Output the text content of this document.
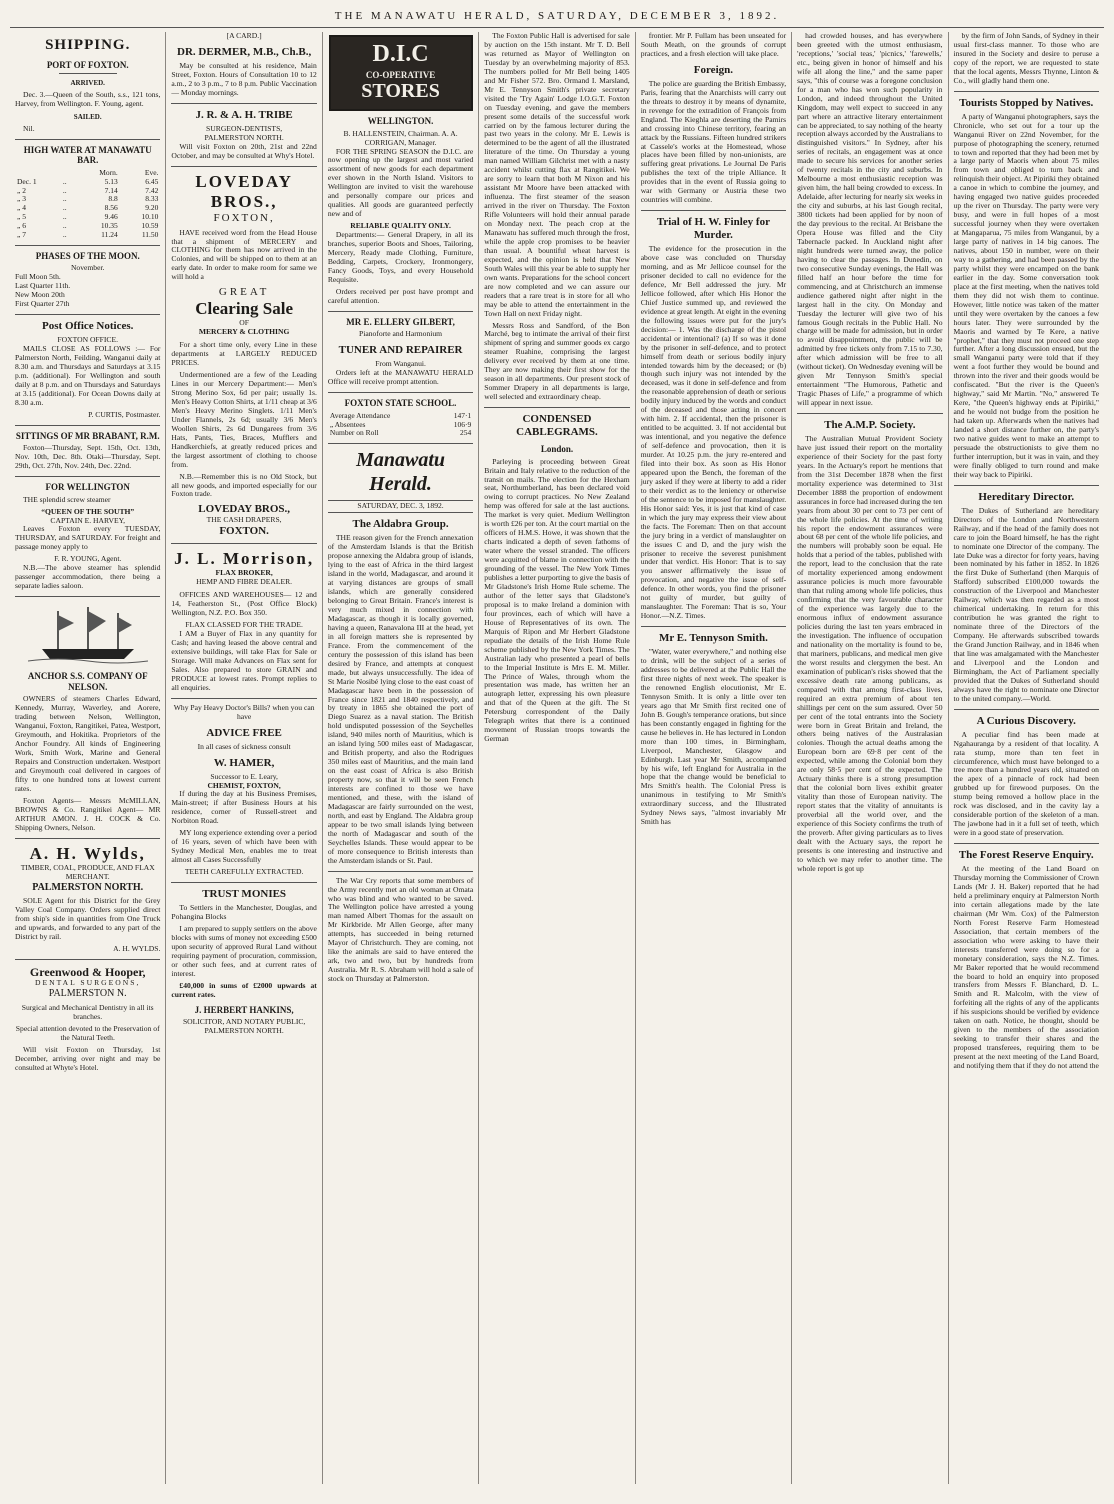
THE MANAWATU HERALD, SATURDAY, DECEMBER 3, 1892.
SHIPPING.
PORT OF FOXTON.
ARRIVED.

Dec. 3.—Queen of the South, s.s., 121 tons, Harvey, from Wellington. F. Young, agent.

SAILED.

Nil.

HIGH WATER AT MANAWATU BAR.
		Morn.	Eve.
Dec. 1	..	5.13	6.45
„ 2	..	7.14	7.42
„ 3	..	8.8	8.33
„ 4	..	8.56	9.20
„ 5	..	9.46	10.10
„ 6	..	10.35	10.59
„ 7	..	11.24	11.50
PHASES OF THE MOON.
November.
Full Moon 5th.
Last Quarter 11th.
New Moon 20th
First Quarter 27th
Post Office Notices.
FOXTON OFFICE.

MAILS CLOSE AS FOLLOWS :— For Palmerston North, Feilding, Wanganui daily at 8.30 a.m. and Thursdays and Saturdays at 3.15 p.m. (additional). For Wellington and south daily at 8 p.m. and on Thursdays and Saturdays at 3.15 (additional). For Ocean Downs daily at 8.30 a.m.

P. CURTIS, Postmaster.
SITTINGS OF MR BRABANT, R.M.

Foxton—Thursday, Sept. 15th, Oct. 13th, Nov. 10th, Dec. 8th. Otaki—Thursday, Sept. 29th, Oct. 27th, Nov. 24th, Dec. 22nd.

FOR WELLINGTON

THE splendid screw steamer

“QUEEN OF THE SOUTH”
CAPTAIN E. HARVEY,

Leaves Foxton every TUESDAY, THURSDAY, and SATURDAY. For freight and passage money apply to

F. R. YOUNG, Agent.

N.B.—The above steamer has splendid passenger accommodation, there being a separate ladies saloon.

ANCHOR S.S. COMPANY OF NELSON.

OWNERS of steamers Charles Edward, Kennedy, Murray, Waverley, and Aorere, trading between Nelson, Wellington, Wanganui, Foxton, Rangitikei, Patea, Westport, Greymouth, and Hokitika. Proprietors of the Anchor Foundry. All kinds of Engineering Work, Smith Work, Marine and General Repairs and Construction undertaken. Westport and Greymouth coal delivered in cargoes of fifty to one hundred tons at lowest current rates.

Foxton Agents— Messrs McMILLAN, BROWNS & Co. Rangitikei Agent— MR ARTHUR AMON. J. H. COCK & Co. Shipping Owners, Nelson.

A. H. Wylds,
TIMBER, COAL, PRODUCE, AND FLAX MERCHANT.
PALMERSTON NORTH.

SOLE Agent for this District for the Grey Valley Coal Company. Orders supplied direct from ship's side in quantities from One Truck and upwards, and forwarded to any part of the District by rail.

A. H. WYLDS.
Greenwood & Hooper,
DENTAL SURGEONS,
PALMERSTON N.

Surgical and Mechanical Dentistry in all its branches.

Special attention devoted to the Preservation of the Natural Teeth.

Will visit Foxton on Thursday, 1st December, arriving over night and may be consulted at Whyte's Hotel.

[A CARD.]
DR. DERMER, M.B., Ch.B.,

May be consulted at his residence, Main Street, Foxton. Hours of Consultation 10 to 12 a.m., 2 to 3 p.m., 7 to 8 p.m. Public Vaccination — Monday mornings.

J. R. & A. H. TRIBE
SURGEON-DENTISTS,
PALMERSTON NORTH.

Will visit Foxton on 20th, 21st and 22nd October, and may be consulted at Why's Hotel.

LOVEDAY BROS.,
FOXTON,

HAVE received word from the Head House that a shipment of MERCERY and CLOTHING for them has now arrived in the Colonies, and will be shipped on to them at an early date. In order to make room for same we will hold a

GREAT
Clearing Sale
OF
MERCERY & CLOTHING

For a short time only, every Line in these departments at LARGELY REDUCED PRICES.

Undermentioned are a few of the Leading Lines in our Mercery Department:— Men's Strong Merino Sox, 6d per pair; usually 1s. Men's Heavy Cotton Shirts, at 1/11 cheap at 3/6 Men's Heavy Merino Singlets. 1/11 Men's Under Flannels, 2s 6d; usually 3/6 Men's Woollen Shirts, 2s 6d Dungarees from 3/6 Hats, Pants, Ties, Braces, Mufflers and Handkerchiefs, at greatly reduced prices and the largest assortment of clothing to choose from.

N.B.—Remember this is no Old Stock, but all new goods, and imported especially for our Foxton trade.

LOVEDAY BROS.,
THE CASH DRAPERS,
FOXTON.
J. L. Morrison,
FLAX BROKER,
HEMP AND FIBRE DEALER.

OFFICES AND WAREHOUSES— 12 and 14, Featherston St., (Post Office Block) Wellington, N.Z. P.O. Box 350.

FLAX CLASSED FOR THE TRADE.

I AM a Buyer of Flax in any quantity for Cash; and having leased the above central and extensive buildings, will take Flax for Sale or Storage. Will make Advances on Flax sent for Sales. Also prepared to store GRAIN and PRODUCE at lowest rates. Prompt replies to all enquiries.

Why Pay Heavy Doctor's Bills? when you can have
ADVICE FREE
In all cases of sickness consult
W. HAMER,
Successor to E. Leary,
CHEMIST, FOXTON,

If during the day at his Business Premises, Main-street; if after Business Hours at his residence, corner of Russell-street and Norbiton Road.

MY long experience extending over a period of 16 years, seven of which have been with Sydney Medical Men, enables me to treat almost all Cases Successfully

TEETH CAREFULLY EXTRACTED.
TRUST MONIES

To Settlers in the Manchester, Douglas, and Pohangina Blocks

I am prepared to supply settlers on the above blocks with sums of money not exceeding £500 upon security of approved Rural Land without requiring payment of procuration, commission, or other such fees, and at current rates of interest.

£40,000 in sums of £2000 upwards at current rates.

J. HERBERT HANKINS,
SOLICITOR, AND NOTARY PUBLIC,
PALMERSTON NORTH.
D.I.C
CO-OPERATIVE
STORES
WELLINGTON.
B. HALLENSTEIN, Chairman. A. A. CORRIGAN, Manager.

FOR THE SPRING SEASON the D.I.C. are now opening up the largest and most varied assortment of new goods for each department ever shown in the North Island. Visitors to Wellington are invited to visit the warehouse and personally compare our prices and qualities. All goods are guaranteed perfectly new and of

RELIABLE QUALITY ONLY.

Departments:— General Drapery, in all its branches, superior Boots and Shoes, Tailoring, Mercery, Ready made Clothing, Furniture, Bedding, Carpets, Crockery, Ironmongery, Fancy Goods, Toys, and every Household Requisite.

Orders received per post have prompt and careful attention.

MR E. ELLERY GILBERT,
Pianoforte and Harmonium
TUNER AND REPAIRER
From Wanganui.

Orders left at the MANAWATU HERALD Office will receive prompt attention.

FOXTON STATE SCHOOL.
Average Attendance	147·1
„ Absentees	106·9
Number on Roll	254
Manawatu Herald.
SATURDAY, DEC. 3, 1892.
The Aldabra Group.

THE reason given for the French annexation of the Amsterdam Islands is that the British propose annexing the Aldabra group of islands, lying to the east of Africa in the third largest island in the world, Madagascar, and around it at varying distances are groups of small islands, which are generally considered belonging to Great Britain. France's interest is very much mixed in connection with Madagascar, as though it is locally governed, having a queen, Ranavalona III at the head, yet in all foreign matters she is represented by France. From the commencement of the century the possession of this island has been desired by France, and attempts at conquest made, but always unsuccessfully. The idea of St Marie Nosibé lying close to the east coast of Madagascar have been in the possession of France since 1821 and 1840 respectively, and by treaty in 1865 she obtained the port of Diego Suarez as a naval station. The British hold undisputed possession of the Seychelles island, 940 miles north of Mauritius, which is an island lying 500 miles east of Madagascar, and British property, and also the Rodrigues 350 miles east of Mauritius, and the main land on the east coast of Africa is also British property now, so that it will be seen French interests are confined to those we have mentioned, and these, with the island of Madagascar are fairly surrounded on the west, north, and east by England. The Aldabra group appear to be two small islands lying between the north of Madagascar and south of the Seychelles Islands. These would appear to be of more consequence to British interests than the Amsterdam islands or St. Paul.

The War Cry reports that some members of the Army recently met an old woman at Omata who was blind and who wanted to be saved. The Wellington police have arrested a young man named Albert Thomas for the assault on Mr Kirkbride. Mr Allen George, after many attempts, has succeeded in being returned Mayor of Christchurch. They are coming, not like the animals are said to have entered the ark, two and two, but by hundreds from Australia. Mr R. S. Abraham will hold a sale of stock on Thursday at Palmerston.

The Foxton Public Hall is advertised for sale by auction on the 15th instant. Mr T. D. Bell was returned as Mayor of Wellington on Tuesday by an overwhelming majority of 853. The numbers polled for Mr Bell being 1405 and Mr Fisher 572. Bro. Ormand I. Marsland, Mr E. Tennyson Smith's private secretary visited the 'Try Again' Lodge I.O.G.T. Foxton on Tuesday evening, and gave the members present some details of the successful work carried on by the famous lecturer during the past two years in the colony. Mr E. Lewis is determined to be the agent of all the illustrated literature of the time. On Thursday a young man named William Gilchrist met with a nasty accident whilst cutting flax at Rangitikei. We are sorry to learn that both M Nixon and his assistant Mr Moore have been attacked with influenza. The first steamer of the season arrived in the river on Thursday. The Foxton Rifle Volunteers will hold their annual parade on Monday next. The peach crop at the Manawatu has suffered much through the frost, while the apple crop promises to be heavier than usual. A bountiful wheat harvest is expected, and the opinion is held that New South Wales will this year be able to supply her own wants. Preparations for the school concert are now completed and we can assure our readers that a rare treat is in store for all who may be able to attend the entertainment in the Town Hall on next Friday night.

Messrs Ross and Sandford, of the Bon Marché, beg to intimate the arrival of their first shipment of spring and summer goods ex cargo steamer Ruahine, comprising the largest delivery ever received by them at one time. They are now making their first show for the season in all departments. Our present stock of Sommer Drapery in all departments is large, well selected and extraordinary cheap.

CONDENSED CABLEGRAMS.
London.

Parleying is proceeding between Great Britain and Italy relative to the reduction of the transit on mails. The election for the Hexham seat, Northumberland, has been declared void owing to corrupt practices. No New Zealand hemp was offered for sale at the last auctions. The market is very quiet. Medium Wellington is worth £26 per ton. At the court martial on the officers of H.M.S. Howe, it was shown that the charts indicated a depth of seven fathoms of water where the vessel stranded. The officers were acquitted of blame in connection with the grounding of the vessel. The New York Times publishes a letter purporting to give the basis of Mr Gladstone's Irish Home Rule scheme. The author of the letter says that Gladstone's proposal is to make Ireland a dominion with four provinces, each of which will have a House of Representatives of its own. The Marquis of Ripon and Mr Herbert Gladstone repudiate the details of the Irish Home Rule scheme published by the New York Times. The Australian lady who presented a pearl of bells to the Imperial Institute is Mrs E. M. Miller. The Prince of Wales, through whom the presentation was made, has written her an autograph letter, expressing his own pleasure and that of the Queen at the gift. The St Petersburg correspondent of the Daily Telegraph writes that there is a continued movement of Russian troops towards the German

frontier. Mr P. Fullam has been unseated for South Meath, on the grounds of corrupt practices, and a fresh election will take place.

Foreign.

The police are guarding the British Embassy, Paris, fearing that the Anarchists will carry out the threats to destroy it by means of dynamite, in revenge for the extradition of François from England. The Kieghla are deserting the Pamirs and crossing into Chinese territory, fearing an attack by the Russians. Fifteen hundred strikers at Cassele's works at the Homestead, whose places have been filled by non-unionists, are suffering great privations. Le Journal De Paris publishes the text of the triple Alliance. It provides that in the event of Russia going to war with Germany or Austria these two countries will combine.

Trial of H. W. Finley for Murder.

The evidence for the prosecution in the above case was concluded on Thursday morning, and as Mr Jellicoe counsel for the prisoner decided to call no evidence for the defence, Mr Bell addressed the jury. Mr Jellicoe followed, after which His Honor the Chief Justice summed up, and reviewed the evidence at great length. At eight in the evening the following issues were put for the jury's decision:— 1. Was the discharge of the pistol accidental or intentional? (a) If so was it done by the prisoner in self-defence, and to protect himself from death or serious bodily injury intended towards him by the deceased; or (b) though such injury was not intended by the deceased, was it done in self-defence and from the reasonable apprehension of death or serious bodily injury induced by the words and conduct of the deceased and those acting in concert with him. 2. If accidental, then the prisoner is entitled to be acquitted. 3. If not accidental but was intentional, and you negative the defence of self-defence and provocation, then it is murder. At 10.25 p.m. the jury re-entered and filed into their box. As soon as His Honor appeared upon the Bench, the foreman of the jury asked if they were at liberty to add a rider to their verdict as to the leniency or otherwise of the sentence to be imposed for manslaughter. His Honor said: Yes, it is just that kind of case in which the jury may express their view about the facts. The Foreman: Then on that account the jury bring in a verdict of manslaughter on the issues C and D, and the jury wish the prisoner to receive the severest punishment under that verdict. His Honor: That is to say you answer affirmatively the issue of provocation, and negative the issue of self-defence. In other words, you find the prisoner not guilty of murder, but guilty of manslaughter. The Foreman: That is so, Your Honor.—N.Z. Times.

Mr E. Tennyson Smith.

"Water, water everywhere," and nothing else to drink, will be the subject of a series of addresses to be delivered at the Public Hall the first three nights of next week. The speaker is the renowned English elocutionist, Mr E. Tennyson Smith. It is only a little over ten years ago that Mr Smith first recited one of John B. Gough's temperance orations, but since has been constantly engaged in fighting for the cause he believes in. He has lectured in London more than 100 times, in Birmingham, Liverpool, Manchester, Glasgow and Edinburgh. Last year Mr Smith, accompanied by his wife, left England for Australia in the hope that the change would be beneficial to Mrs Smith's health. The Colonial Press is unanimous in testifying to Mr Smith's extraordinary success, and the Illustrated Sydney News says, "almost invariably Mr Smith has

had crowded houses, and has everywhere been greeted with the utmost enthusiasm, 'receptions,' 'social teas,' 'picnics,' 'farewells,' etc., being given in honor of himself and his wife all along the line," and the same paper says, "this of course was a foregone conclusion for a man who has won such popularity in London, and indeed throughout the United Kingdom, may well expect to succeed in any part where an attractive literary entertainment can be appreciated, to say nothing of the hearty reception always accorded by the Australians to distinguished visitors." In Sydney, after his series of recitals, an engagement was at once made to secure his services for another series of twenty recitals in the city and suburbs. In Melbourne a most enthusiastic reception was given him, the hall being crowded to excess. In Adelaide, after lecturing for nearly six weeks in the city and suburbs, at his last Gough recital, 3800 tickets had been applied for by noon of the day previous to the recital. At Brisbane the Opera House was filled and the City Tabernacle packed. In Auckland night after night hundreds were turned away, the police having to clear the passages. In Dunedin, on two consecutive Sunday evenings, the Hall was filled half an hour before the time for commencing, and at Christchurch an immense audience gathered night after night in the largest hall in the city. On Monday and Tuesday the lecturer will give two of his famous Gough recitals in the Public Hall. No charge will be made for admission, but in order to avoid disappointment, the public will be admitted by free tickets only from 7.15 to 7.30, after which admission will be free to all (without ticket). On Wednesday evening will be given Mr Tennyson Smith's special entertainment "The Humorous, Pathetic and Tragic Phases of Life," a programme of which will appear in next issue.

The A.M.P. Society.

The Australian Mutual Provident Society have just issued their report on the mortality experience of their Society for the past forty years. In the Actuary's report he mentions that from the 31st December 1878 when the first mortality experience was determined to 31st December 1888 the proportion of endowment assurances in force had increased during the ten years from about 30 per cent to 73 per cent of the whole life policies. At the time of writing his report the endowment assurances were about 68 per cent of the whole life policies, and the numbers will probably soon be equal. He holds that a period of the tables, published with the report, lead to the conclusion that the rate of mortality experienced among endowment assurance policies is much more favourable than that ruling among whole life policies, thus confirming that the very favourable character of the experience was largely due to the enormous influx of endowment assurance policies during the last ten years embraced in the investigation. The influence of occupation and nationality on the mortality is found to be, that mariners, publicans, and medical men give the worst results and clergymen the best. An examination of publican's risks showed that the excessive death rate among publicans, as compared with that among first-class lives, required an extra premium of about ten shillings per cent on the sum assured. Over 50 per cent of the total entrants into the Society were born in Great Britain and Ireland, the others being natives of the Australasian colonies. Though the actual deaths among the European born are 69·8 per cent of the expected, while among the Colonial born they are only 58·5 per cent of the expected. The Actuary thinks there is a strong presumption that the colonial born lives exhibit greater vitality than those of European nativity. The report states that the vitality of annuitants is proverbial all the world over, and the experience of this Society confirms the truth of the proverb. After giving particulars as to lives dealt with the Actuary says, the report he presents is one interesting and instructive and to which we may refer to another time. The whole report is got up

by the firm of John Sands, of Sydney in their usual first-class manner. To those who are insured in the Society and desire to peruse a copy of the report, we are requested to state that the local agents, Messrs Thynne, Linton & Co., will gladly hand them one.

Tourists Stopped by Natives.

A party of Wanganui photographers, says the Chronicle, who set out for a tour up the Wanganui River on 22nd November, for the purpose of photographing the scenery, returned to town and reported that they had been met by a large party of Maoris when about 75 miles from town and obliged to turn back and relinquish their object. At Pipiriki they obtained a canoe in which to combine the journey, and having engaged two native guides proceeded up the river on Thursday. The party were very busy, and were in full hopes of a most successful journey when they were overtaken at Mangaparua, 75 miles from Wanganui, by a large party of natives in 14 big canoes. The natives, about 150 in number, were on their way to a gathering, and had been passed by the party whilst they were encamped on the bank earlier in the day. Some conversation took place at the first meeting, when the natives told them they did not wish them to continue. However, little notice was taken of the matter until they were overtaken by the canoes a few hours later. They were surrounded by the Maoris and warned by Te Kere, a native "prophet," that they must not proceed one step further. After a long discussion ensued, but the small Wanganui party were told that if they went a foot further they would be bound and thrown into the river and their goods would be confiscated. "But the river is the Queen's highway," said Mr Martin. "No," answered Te Kere, "the Queen's highway ends at Pipiriki," and he would not budge from the position he had taken up. Afterwards when the natives had landed a short distance further on, the party's two native guides went to make an attempt to persuade the obstructionists to give them no further interruption, but it was in vain, and they were finally obliged to turn round and make their way back to Pipiriki.

Hereditary Director.

The Dukes of Sutherland are hereditary Directors of the London and Northwestern Railway, and if the head of the family does not care to join the Board himself, he has the right to nominate one Director of the company. The late Duke was a director for forty years, having been nominated by his father in 1852. In 1826 the first Duke of Sutherland (then Marquis of Stafford) subscribed £100,000 towards the construction of the Liverpool and Manchester Railway, which was then regarded as a most chimerical undertaking. In return for this contribution he was granted the right to nominate three of the Directors of the Company. He afterwards subscribed towards the Grand Junction Railway, and in 1846 when that line was amalgamated with the Manchester and Liverpool and the London and Birmingham, the Act of Parliament specially provided that the Dukes of Sutherland should always have the right to nominate one Director to the united company.—World.

A Curious Discovery.

A peculiar find has been made at Ngahauranga by a resident of that locality. A rata stump, more than ten feet in circumference, which must have belonged to a tree more than a hundred years old, situated on the apex of a pinnacle of rock had been grubbed up for firewood purposes. On the stump being removed a hollow place in the rock was disclosed, and in the cavity lay a considerable portion of the skeleton of a man. The jawbone had in it a full set of teeth, which were in a good state of preservation.

The Forest Reserve Enquiry.

At the meeting of the Land Board on Thursday morning the Commissioner of Crown Lands (Mr J. H. Baker) reported that he had held a preliminary enquiry at Palmerston North into certain allegations made by the late chairman (Mr Wm. Cox) of the Palmerston North Forest Reserve Farm Homestead Association, that certain members of the association who were asking to have their interests transferred were doing so for a monetary consideration, says the N.Z. Times. Mr Baker reported that he would recommend the board to hold an enquiry into proposed transfers from Messrs F. Blanchard, D. L. Smith and R. Malcolm, with the view of forfeiting all the rights of any of the applicants if his suspicions should be verified by evidence taken on oath. Notice, he thought, should be given to the members of the association seeking to transfer their shares and the proposed transferees, requiring them to be present at the next meeting of the Land Board, and notifying them that if they do not attend the
